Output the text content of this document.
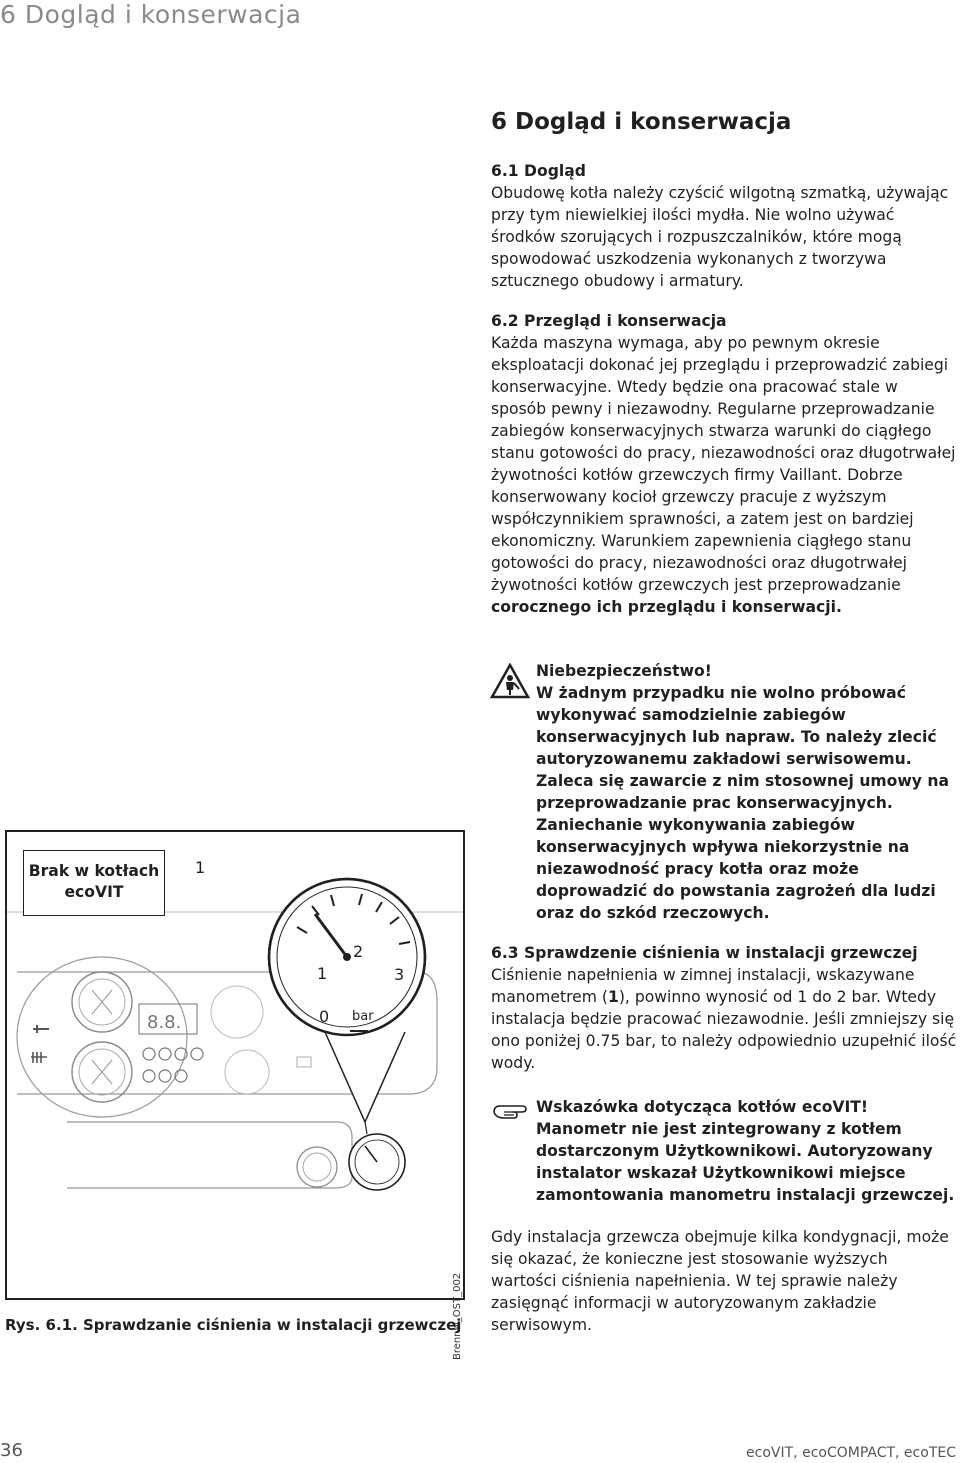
6 Dogląd i konserwacja

6 Dogląd i konserwacja

6.1 Dogląd

Obudowę kotła należy czyścić wilgotną szmatką, używając przy tym niewielkiej ilości mydła. Nie wolno używać środków szorujących i rozpuszczalników, które mogą spowodować uszkodzenia wykonanych z tworzywa sztucznego obudowy i armatury.

6.2 Przegląd i konserwacja

Każda maszyna wymaga, aby po pewnym okresie eksploatacji dokonać jej przeglądu i przeprowadzić zabiegi konserwacyjne. Wtedy będzie ona pracować stale w sposób pewny i niezawodny. Regularne przeprowadzanie zabiegów konserwacyjnych stwarza warunki do ciągłego stanu gotowości do pracy, niezawodności oraz długotrwałej żywotności kotłów grzewczych firmy Vaillant. Dobrze konserwowany kocioł grzewczy pracuje z wyższym współczynnikiem sprawności, a zatem jest on bardziej ekonomiczny. Warunkiem zapewnienia ciągłego stanu gotowości do pracy, niezawodności oraz długotrwałej żywotności kotłów grzewczych jest przeprowadzanie corocznego ich przeglądu i konserwacji.

Niebezpieczeństwo!

W żadnym przypadku nie wolno próbować wykonywać samodzielnie zabiegów konserwacyjnych lub napraw. To należy zlecić autoryzowanemu zakładowi serwisowemu. Zaleca się zawarcie z nim stosownej umowy na przeprowadzanie prac konserwacyjnych. Zaniechanie wykonywania zabiegów konserwacyjnych wpływa niekorzystnie na niezawodność pracy kotła oraz może doprowadzić do powstania zagrożeń dla ludzi oraz do szkód rzeczowych.

6.3 Sprawdzenie ciśnienia w instalacji grzewczej

Ciśnienie napełnienia w zimnej instalacji, wskazywane manometrem (1), powinno wynosić od 1 do 2 bar. Wtedy instalacja będzie pracować niezawodnie. Jeśli zmniejszy się ono poniżej 0.75 bar, to należy odpowiednio uzupełnić ilość wody.

Wskazówka dotycząca kotłów ecoVIT!

Manometr nie jest zintegrowany z kotłem dostarczonym Użytkownikowi. Autoryzowany instalator wskazał Użytkownikowi miejsce zamontowania manometru instalacji grzewczej.

Gdy instalacja grzewcza obejmuje kilka kondygnacji, może się okazać, że konieczne jest stosowanie wyższych wartości ciśnienia napełnienia. W tej sprawie należy zasięgnąć informacji w autoryzowanym zakładzie serwisowym.

8.8.	0
1
2
3
bar
Brak w kotłach
ecoVIT
1
Brennw_OST_002
Rys. 6.1. Sprawdzanie ciśnienia w instalacji grzewczej
36	ecoVIT, ecoCOMPACT, ecoTEC
